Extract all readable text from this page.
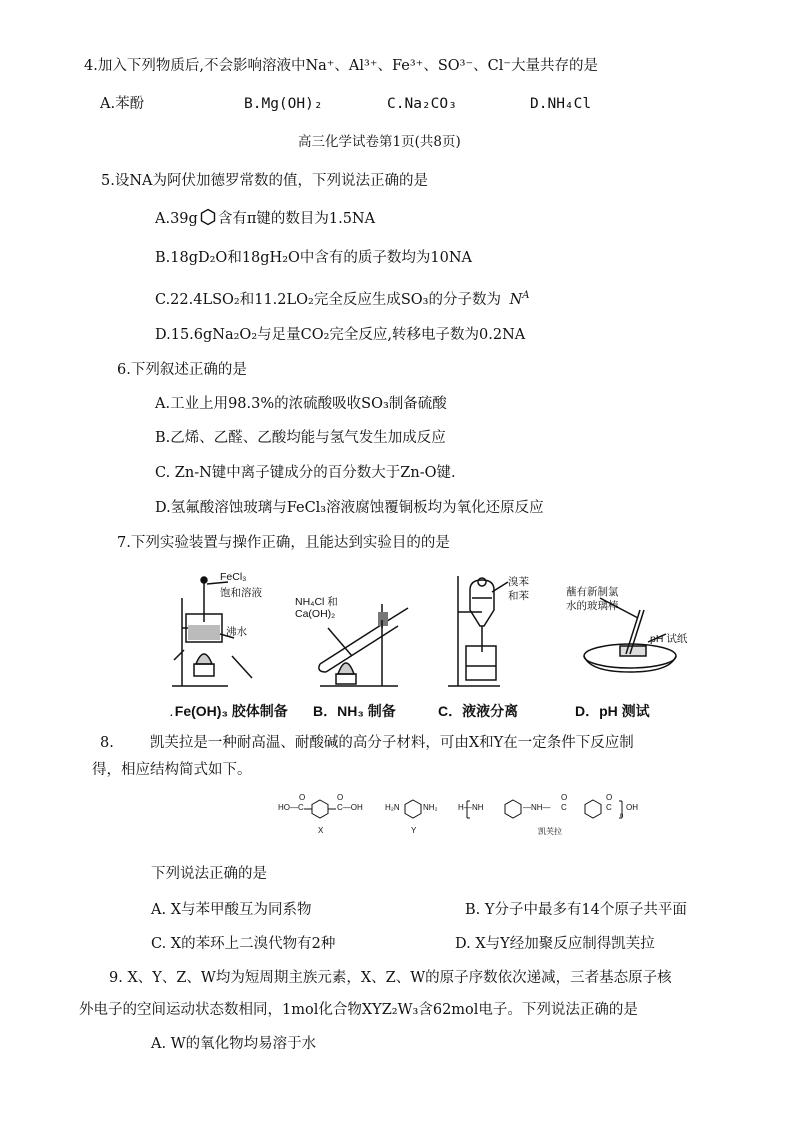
4.加入下列物质后,不会影响溶液中Na⁺、Al³⁺、Fe³⁺、SO³⁻、Cl⁻大量共存的是
A.苯酚	B.Mg(OH)₂	C.Na₂CO₃	D.NH₄Cl
高三化学试卷第1页(共8页)
5.设NA为阿伏加德罗常数的值，下列说法正确的是
A.39g 含有π键的数目为1.5NA
B.18gD₂O和18gH₂O中含有的质子数均为10NA
C.22.4LSO₂和11.2LO₂完全反应生成SO₃的分子数为 $N^A$
D.15.6gNa₂O₂与足量CO₂完全反应,转移电子数为0.2NA
6.下列叙述正确的是
A.工业上用98.3%的浓硫酸吸收SO₃制备硫酸
B.乙烯、乙醛、乙酸均能与氢气发生加成反应
C. Zn-N键中离子键成分的百分数大于Zn-O键.
D.氢氟酸溶蚀玻璃与FeCl₃溶液腐蚀覆铜板均为氧化还原反应
7.下列实验装置与操作正确，且能达到实验目的的是
FeCl₃
饱和溶液
沸水
NH₄Cl 和
Ca(OH)₂
溴苯
和苯	蘸有新制氯
水的玻璃棒
pH 试纸
. Fe(OH)₃ 胶体制备 B．NH₃ 制备	C．液液分离	D．pH 测试
8. 凯芙拉是一种耐高温、耐酸碱的高分子材料，可由X和Y在一定条件下反应制
得，相应结构简式如下。
HO—C
O
C—OH
O
H₂N	NH₂	H— NH	—NH— C
O
C
O
OH
n
X	Y	凯芙拉
下列说法正确的是
A. X与苯甲酸互为同系物	B. Y分子中最多有14个原子共平面
C. X的苯环上二溴代物有2种	D. X与Y经加聚反应制得凯芙拉
9. X、Y、Z、W均为短周期主族元素，X、Z、W的原子序数依次递减，三者基态原子核
外电子的空间运动状态数相同，1mol化合物XYZ₂W₃含62mol电子。下列说法正确的是
A. W的氧化物均易溶于水
